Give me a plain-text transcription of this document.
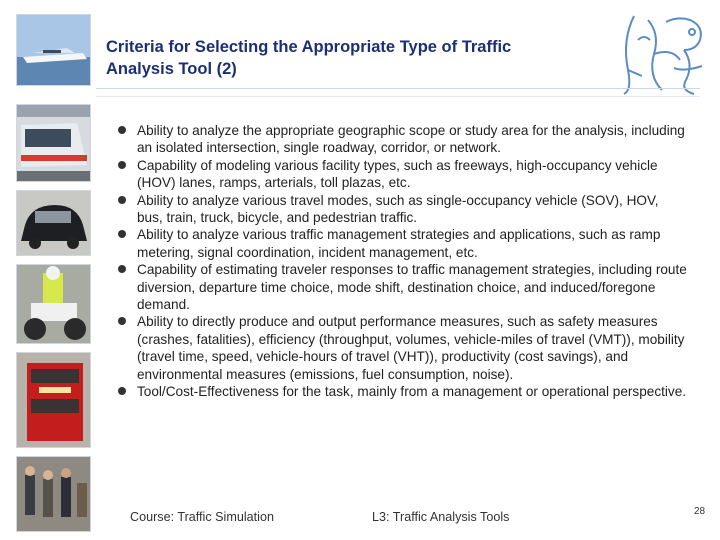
Criteria for Selecting the Appropriate Type of Traffic
Analysis Tool (2)
Ability to analyze the appropriate geographic scope or study area for the analysis, including an isolated intersection, single roadway, corridor, or network.
Capability of modeling various facility types, such as freeways, high-occupancy vehicle (HOV) lanes, ramps, arterials, toll plazas, etc.
Ability to analyze various travel modes, such as single-occupancy vehicle (SOV), HOV, bus, train, truck, bicycle, and pedestrian traffic.
Ability to analyze various traffic management strategies and applications, such as ramp metering, signal coordination, incident management, etc.
Capability of estimating traveler responses to traffic management strategies, including route diversion, departure time choice, mode shift, destination choice, and induced/foregone demand.
Ability to directly produce and output performance measures, such as safety measures (crashes, fatalities), efficiency (throughput, volumes, vehicle-miles of travel (VMT)), mobility (travel time, speed, vehicle-hours of travel (VHT)), productivity (cost savings), and environmental measures (emissions, fuel consumption, noise).
Tool/Cost-Effectiveness for the task, mainly from a management or operational perspective.
Course: Traffic Simulation	L3: Traffic Analysis Tools	28
